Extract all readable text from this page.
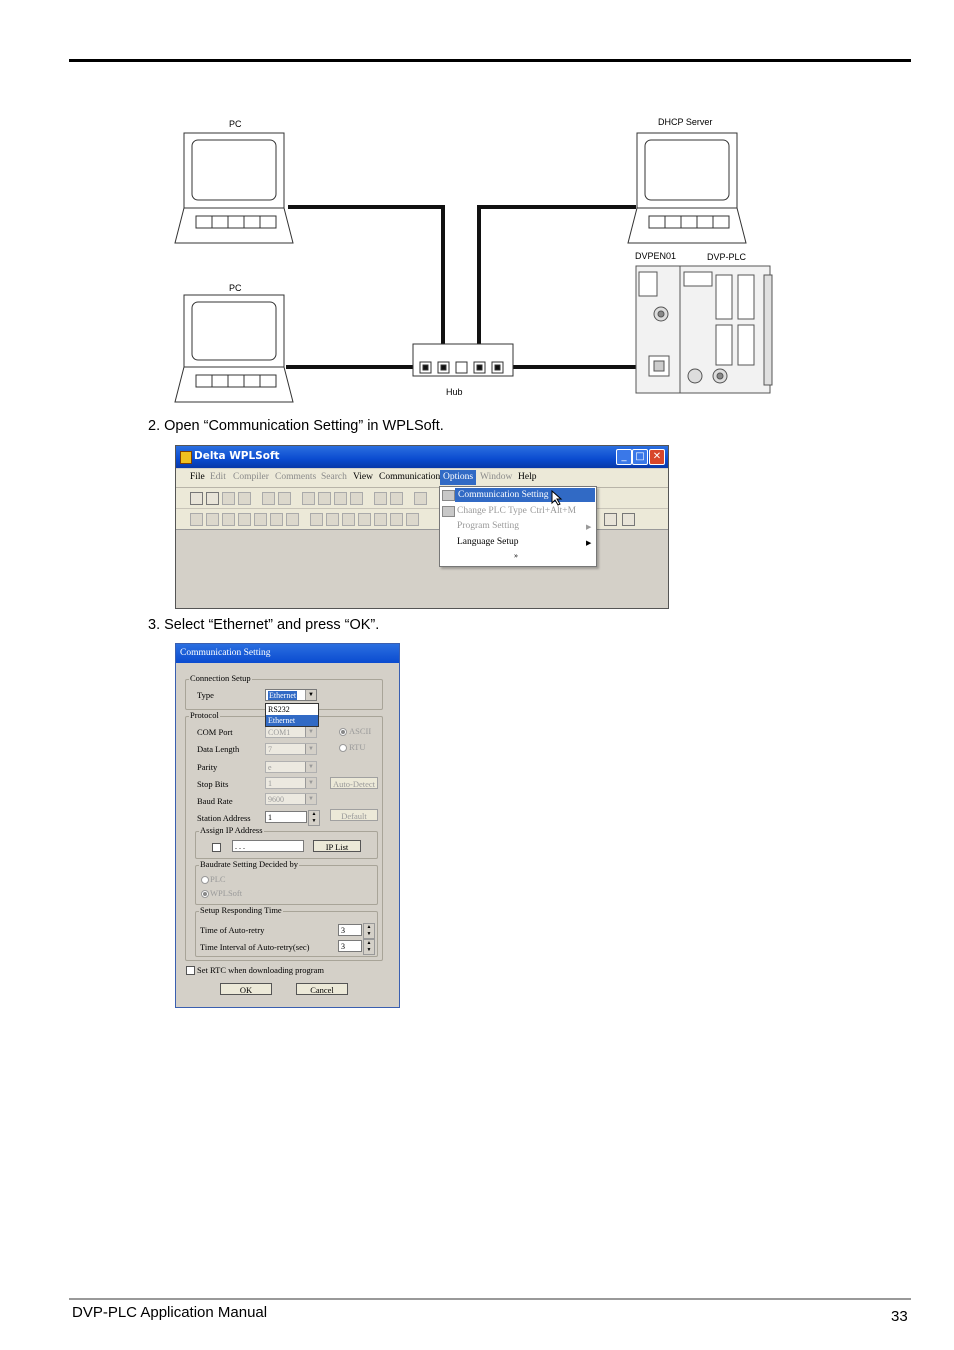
PC	DHCP Server
PC
DVPEN01	DVP-PLC
Hub
2. Open “Communication Setting” in WPLSoft.
Delta WPLSoft	_ □ ✕
File Edit Compiler Comments Search View Communication Options Window Help
Communication Setting
Change PLC Type Ctrl+Alt+M
Program Setting	▶
Language Setup	▶
»
3. Select “Ethernet” and press “OK”.
Communication Setting
Connection Setup
Type	Ethernet	▼
Protocol
COM Port	COM1	▼	ASCII
Data Length	7	▼	RTU
Parity	e	▼
Stop Bits	1	▼	Auto-Detect
Baud Rate	9600	▼
Station Address	1	▲
▼	Default
Assign IP Address
. . .	IP List
Baudrate Setting Decided by
PLC
WPLSoft
Setup Responding Time
Time of Auto-retry	3	▲
▼
Time Interval of Auto-retry(sec)	3	▲
▼
Set RTC when downloading program
OK	Cancel
RS232
Ethernet
DVP-PLC Application Manual	33
